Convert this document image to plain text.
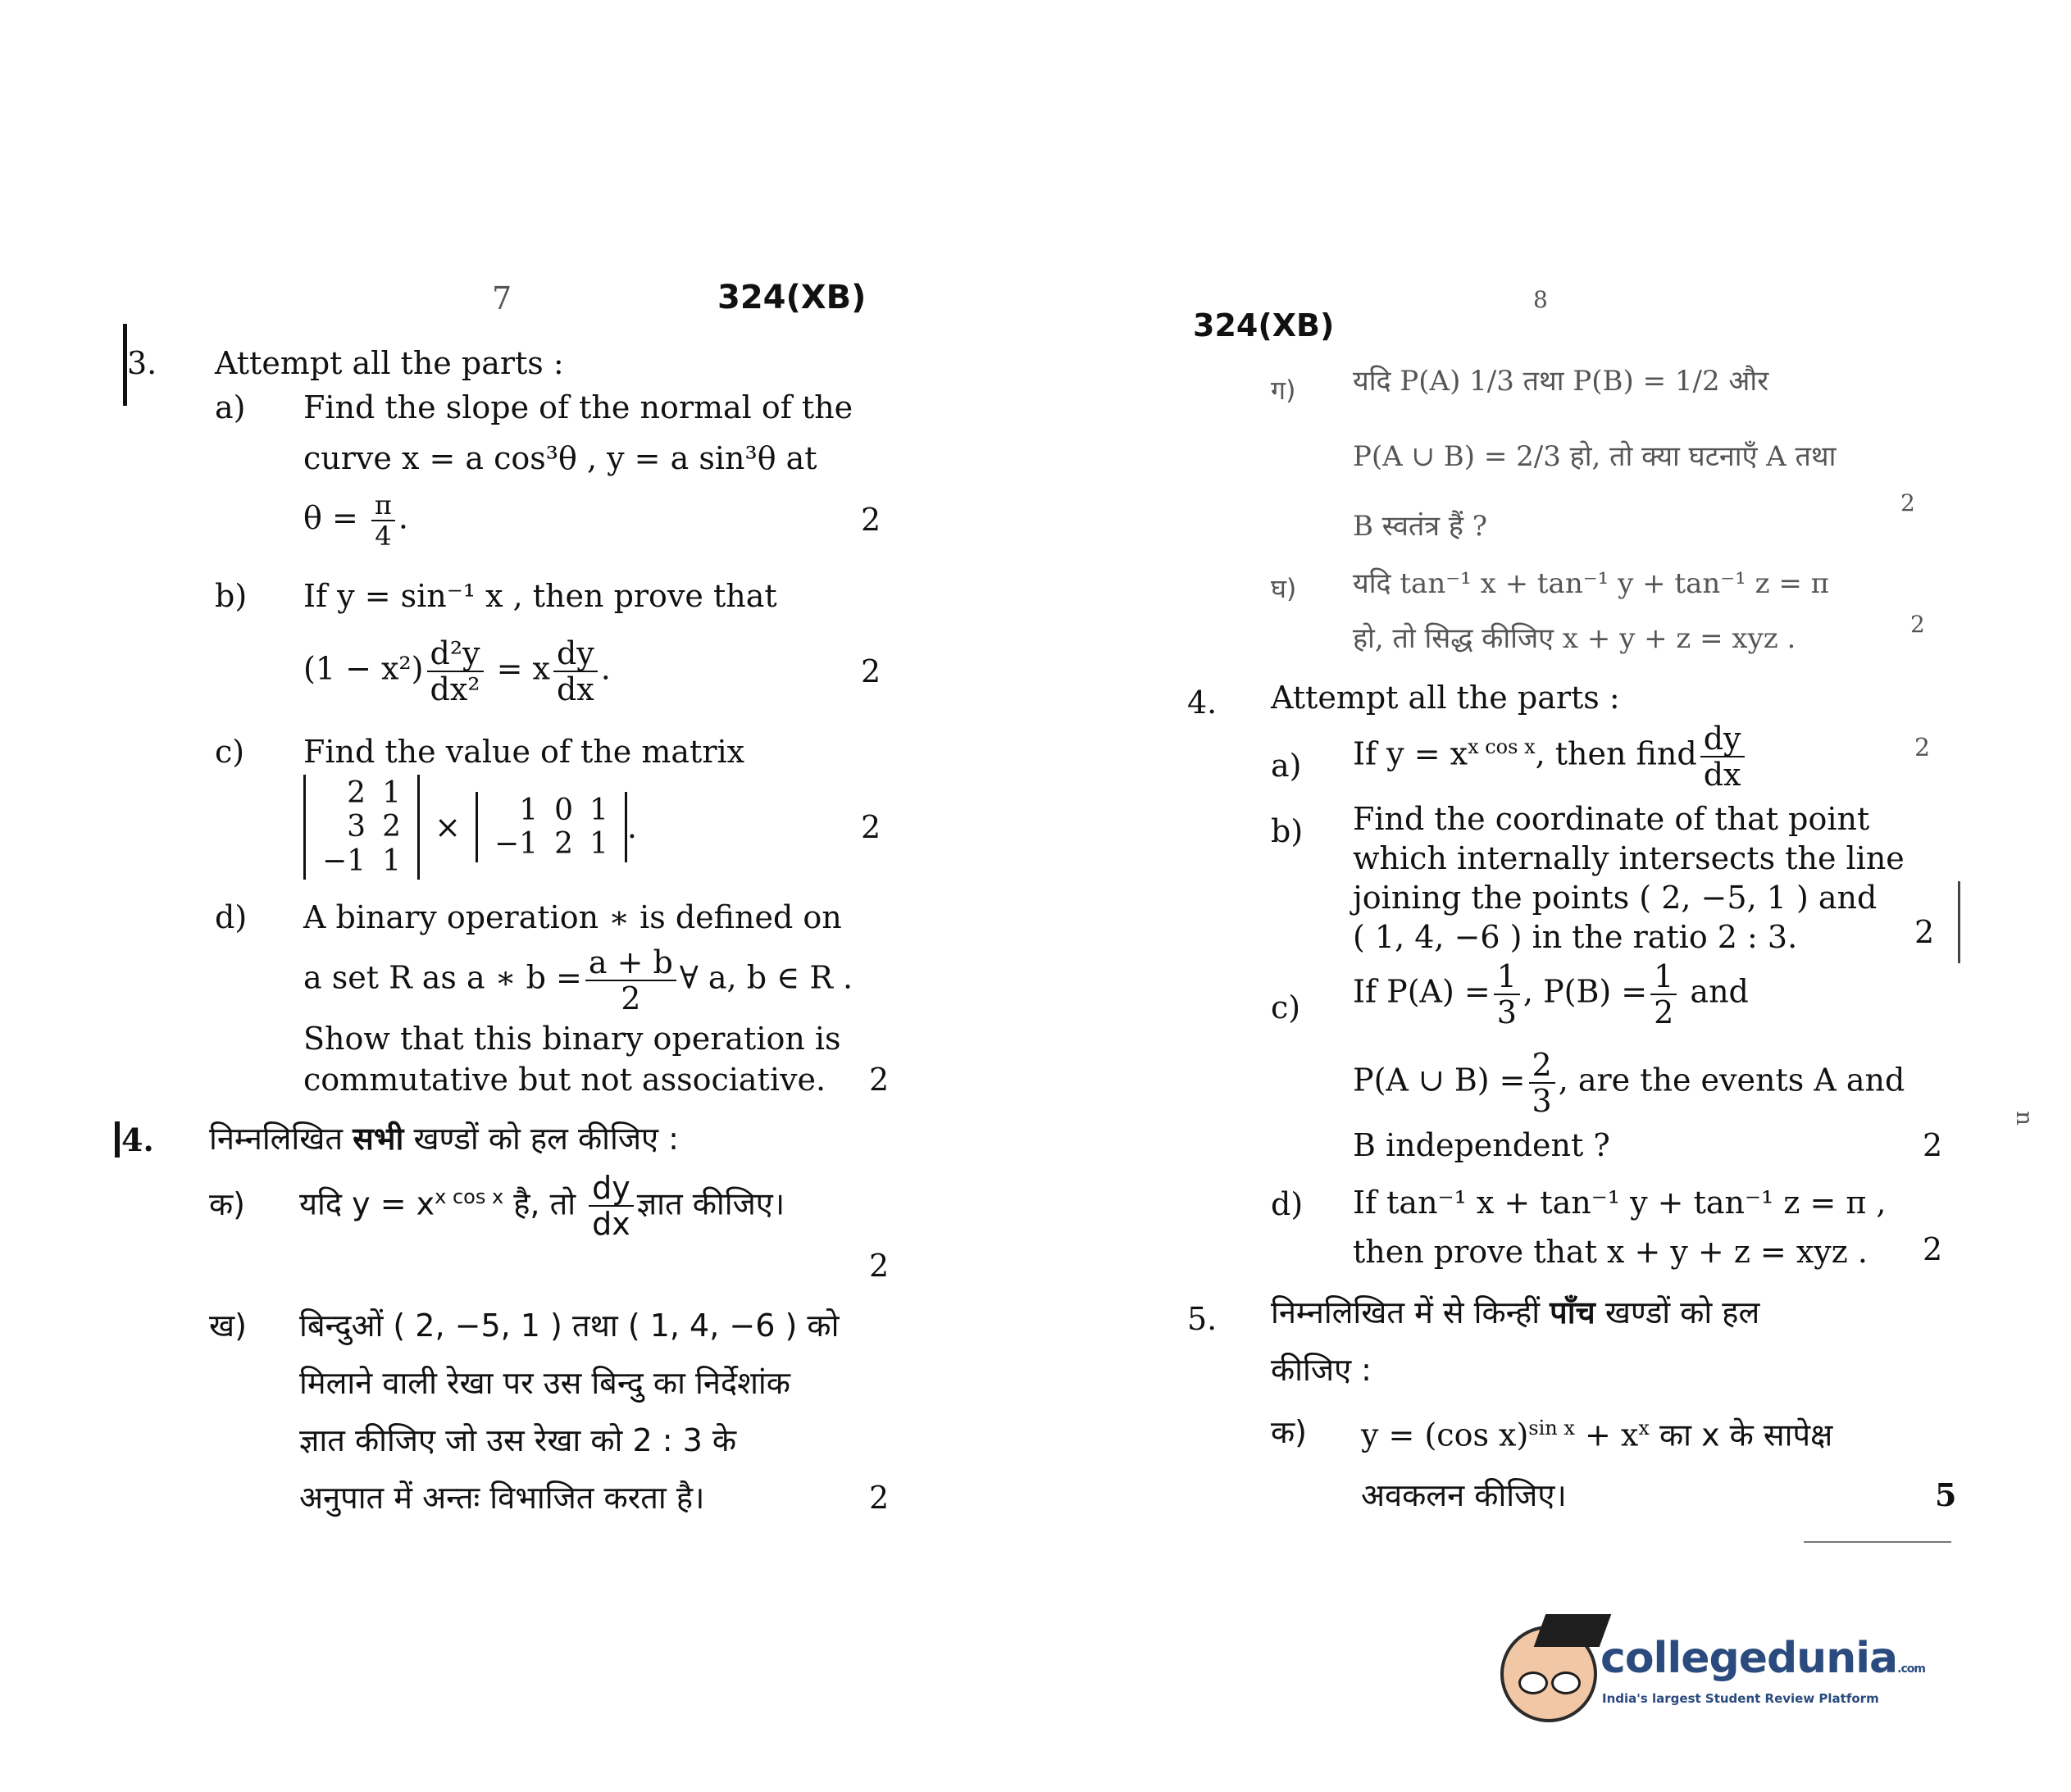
7	324(XB)
3. Attempt all the parts :
a) Find the slope of the normal of the
curve x = a cos³θ , y = a sin³θ at
$\theta = \frac{\pi}{4}$ .	2
b) If y = sin⁻¹ x , then prove that
$(1 - x^2) \frac{\text{d²y}}{\text{dx²}} = x \frac{dy}{dx}$ .	2
c) Find the value of the matrix
2	1
3	2
−1	1
× 1	0	1
−1	2	1 .	2
d) A binary operation ∗ is defined on
a set R as a ∗ $b = \frac{a + b}{2}$ ∀ a, b ∈ R .
Show that this binary operation is
commutative but not associative. 2
4. निम्नलिखित सभी खण्डों को हल कीजिए :
क) यदि $y = x^{x cos x}$ है, तो $\frac{dy}{dx}$ ज्ञात कीजिए।
2
ख) बिन्दुओं ( 2, −5, 1 ) तथा ( 1, 4, −6 ) को
मिलाने वाली रेखा पर उस बिन्दु का निर्देशांक
ज्ञात कीजिए जो उस रेखा को 2 : 3 के
अनुपात में अन्तः विभाजित करता है।	2
324(XB)
8
ग) यदि P(A) 1/3 तथा P(B) = 1/2 और
P(A ∪ B) = 2/3 हो, तो क्या घटनाएँ A तथा
2
B स्वतंत्र हैं ?
घ) यदि tan⁻¹ x + tan⁻¹ y + tan⁻¹ z = π
हो, तो सिद्ध कीजिए x + y + z = xyz .	2
4. Attempt all the parts :
a) If $y = x^{x cos x}$, then find $\frac{dy}{dx}$	2
b) Find the coordinate of that point
which internally intersects the line
joining the points ( 2, −5, 1 ) and
( 1, 4, −6 ) in the ratio 2 : 3.	2
c) If $P(A) = \frac{1}{3}$ , $P(B) = \frac{1}{2}$ and
P(A ∪ $B) = \frac{2}{3}$ , are the events A and
B independent ?	2
d) If tan⁻¹ x + tan⁻¹ y + tan⁻¹ z = π ,
then prove that x + y + z = xyz . 2
5. निम्नलिखित में से किन्हीं पाँच खण्डों को हल
कीजिए :
क) y = (cos $x)^{sin x} + x^x$ का x के सापेक्ष
अवकलन कीजिए।	5
n
collegedunia.com
India's largest Student Review Platform
